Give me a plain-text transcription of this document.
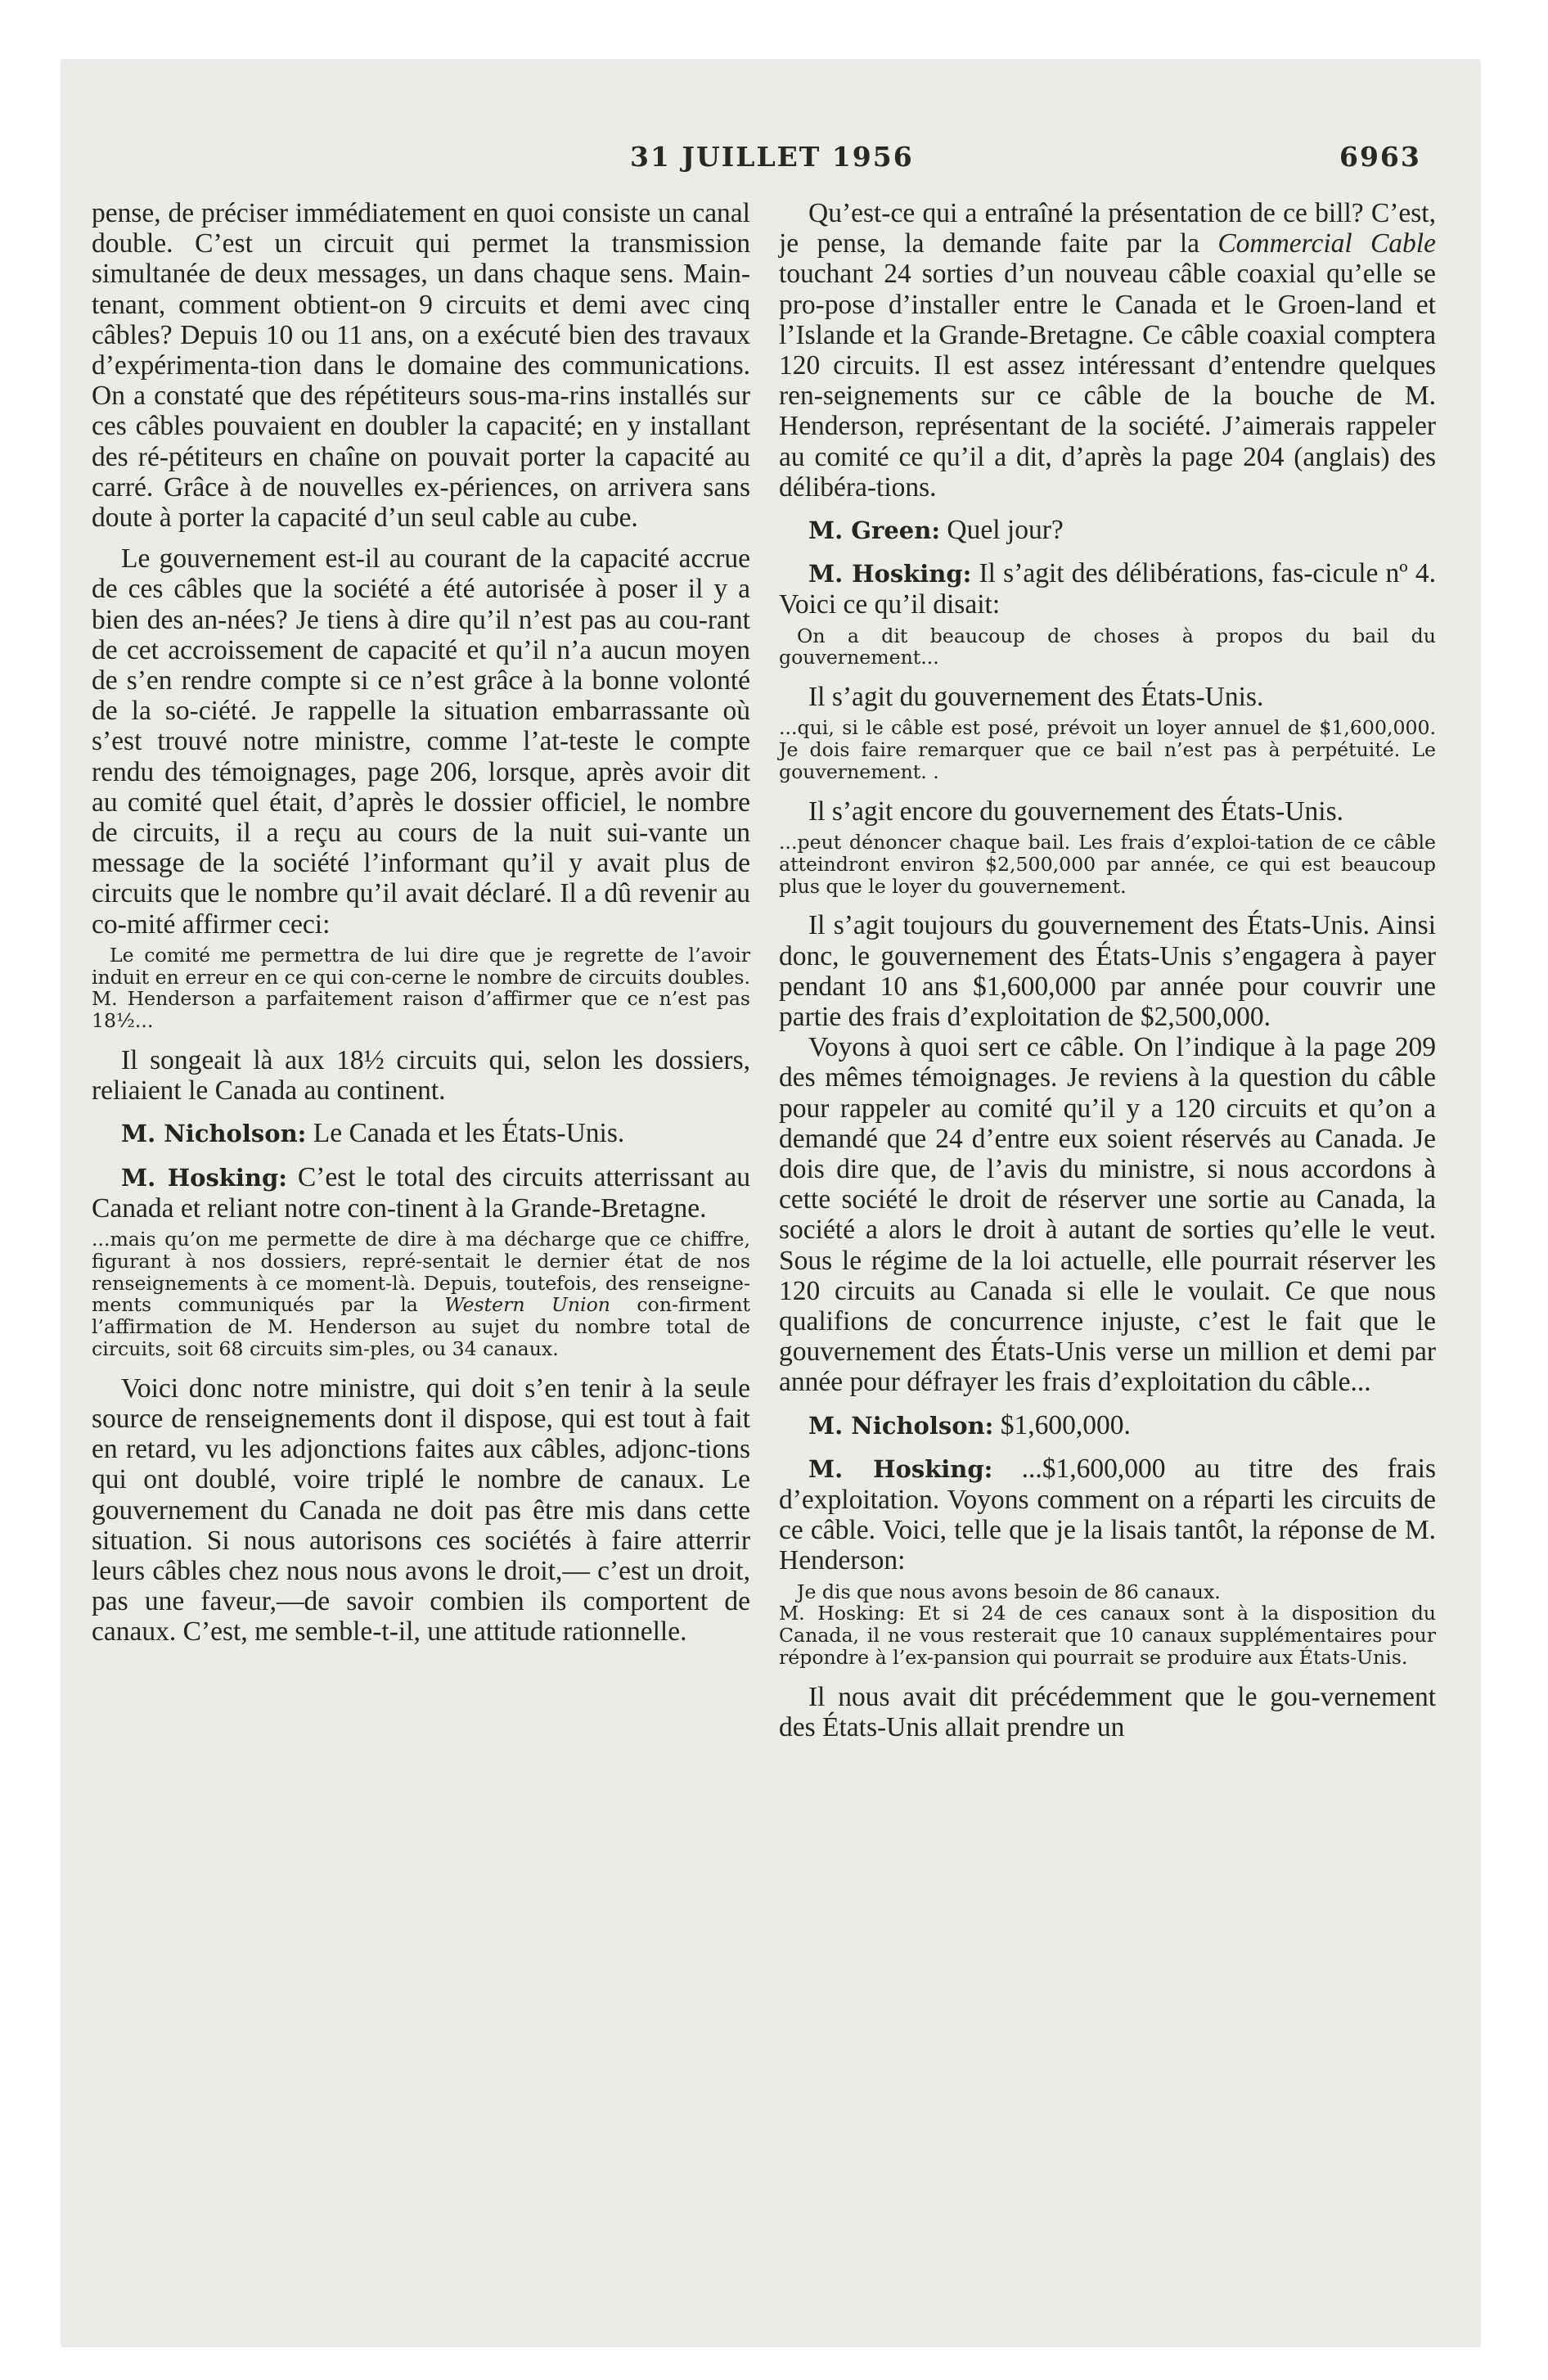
31 JUILLET 1956	6963

pense, de préciser immédiatement en quoi consiste un canal double. C’est un circuit qui permet la transmission simultanée de deux messages, un dans chaque sens. Main-tenant, comment obtient-on 9 circuits et demi avec cinq câbles? Depuis 10 ou 11 ans, on a exécuté bien des travaux d’expérimenta-tion dans le domaine des communications. On a constaté que des répétiteurs sous-ma-rins installés sur ces câbles pouvaient en doubler la capacité; en y installant des ré-pétiteurs en chaîne on pouvait porter la capacité au carré. Grâce à de nouvelles ex-périences, on arrivera sans doute à porter la capacité d’un seul cable au cube.

Le gouvernement est-il au courant de la capacité accrue de ces câbles que la société a été autorisée à poser il y a bien des an-nées? Je tiens à dire qu’il n’est pas au cou-rant de cet accroissement de capacité et qu’il n’a aucun moyen de s’en rendre compte si ce n’est grâce à la bonne volonté de la so-ciété. Je rappelle la situation embarrassante où s’est trouvé notre ministre, comme l’at-teste le compte rendu des témoignages, page 206, lorsque, après avoir dit au comité quel était, d’après le dossier officiel, le nombre de circuits, il a reçu au cours de la nuit sui-vante un message de la société l’informant qu’il y avait plus de circuits que le nombre qu’il avait déclaré. Il a dû revenir au co-mité affirmer ceci:

Le comité me permettra de lui dire que je regrette de l’avoir induit en erreur en ce qui con-cerne le nombre de circuits doubles. M. Henderson a parfaitement raison d’affirmer que ce n’est pas 18½...

Il songeait là aux 18½ circuits qui, selon les dossiers, reliaient le Canada au continent.

M. Nicholson: Le Canada et les États-Unis.

M. Hosking: C’est le total des circuits atterrissant au Canada et reliant notre con-tinent à la Grande-Bretagne.

...mais qu’on me permette de dire à ma décharge que ce chiffre, figurant à nos dossiers, repré-sentait le dernier état de nos renseignements à ce moment-là. Depuis, toutefois, des renseigne-ments communiqués par la Western Union con-firment l’affirmation de M. Henderson au sujet du nombre total de circuits, soit 68 circuits sim-ples, ou 34 canaux.

Voici donc notre ministre, qui doit s’en tenir à la seule source de renseignements dont il dispose, qui est tout à fait en retard, vu les adjonctions faites aux câbles, adjonc-tions qui ont doublé, voire triplé le nombre de canaux. Le gouvernement du Canada ne doit pas être mis dans cette situation. Si nous autorisons ces sociétés à faire atterrir leurs câbles chez nous nous avons le droit,— c’est un droit, pas une faveur,—de savoir combien ils comportent de canaux. C’est, me semble-t-il, une attitude rationnelle.

Qu’est-ce qui a entraîné la présentation de ce bill? C’est, je pense, la demande faite par la Commercial Cable touchant 24 sorties d’un nouveau câble coaxial qu’elle se pro-pose d’installer entre le Canada et le Groen-land et l’Islande et la Grande-Bretagne. Ce câble coaxial comptera 120 circuits. Il est assez intéressant d’entendre quelques ren-seignements sur ce câble de la bouche de M. Henderson, représentant de la société. J’aimerais rappeler au comité ce qu’il a dit, d’après la page 204 (anglais) des délibéra-tions.

M. Green: Quel jour?

M. Hosking: Il s’agit des délibérations, fas-cicule nº 4. Voici ce qu’il disait:

On a dit beaucoup de choses à propos du bail du gouvernement...

Il s’agit du gouvernement des États-Unis.

...qui, si le câble est posé, prévoit un loyer annuel de $1,600,000. Je dois faire remarquer que ce bail n’est pas à perpétuité. Le gouvernement. .

Il s’agit encore du gouvernement des États-Unis.

...peut dénoncer chaque bail. Les frais d’exploi-tation de ce câble atteindront environ $2,500,000 par année, ce qui est beaucoup plus que le loyer du gouvernement.

Il s’agit toujours du gouvernement des États-Unis. Ainsi donc, le gouvernement des États-Unis s’engagera à payer pendant 10 ans $1,600,000 par année pour couvrir une partie des frais d’exploitation de $2,500,000.

Voyons à quoi sert ce câble. On l’indique à la page 209 des mêmes témoignages. Je reviens à la question du câble pour rappeler au comité qu’il y a 120 circuits et qu’on a demandé que 24 d’entre eux soient réservés au Canada. Je dois dire que, de l’avis du ministre, si nous accordons à cette société le droit de réserver une sortie au Canada, la société a alors le droit à autant de sorties qu’elle le veut. Sous le régime de la loi actuelle, elle pourrait réserver les 120 circuits au Canada si elle le voulait. Ce que nous qualifions de concurrence injuste, c’est le fait que le gouvernement des États-Unis verse un million et demi par année pour défrayer les frais d’exploitation du câble...

M. Nicholson: $1,600,000.

M. Hosking: ...$1,600,000 au titre des frais d’exploitation. Voyons comment on a réparti les circuits de ce câble. Voici, telle que je la lisais tantôt, la réponse de M. Henderson:

Je dis que nous avons besoin de 86 canaux.

M. Hosking: Et si 24 de ces canaux sont à la disposition du Canada, il ne vous resterait que 10 canaux supplémentaires pour répondre à l’ex-pansion qui pourrait se produire aux États-Unis.

Il nous avait dit précédemment que le gou-vernement des États-Unis allait prendre un
